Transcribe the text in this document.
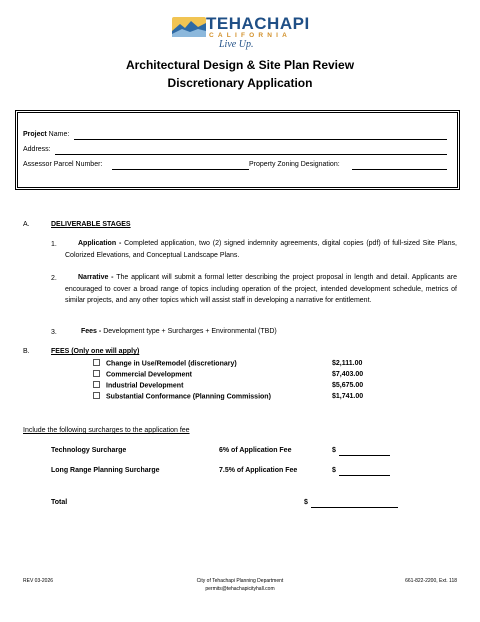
TEHACHAPI
CALIFORNIA
Live Up.
Architectural Design & Site Plan Review
Discretionary Application
Project Name:
Address:
Assessor Parcel Number:	Property Zoning Designation:
A.	DELIVERABLE STAGES
1.	Application - Completed application, two (2) signed indemnity agreements, digital copies (pdf) of full-sized Site Plans, Colorized Elevations, and Conceptual Landscape Plans.
2.	Narrative - The applicant will submit a formal letter describing the project proposal in length and detail. Applicants are encouraged to cover a broad range of topics including operation of the project, intended development schedule, metrics of similar projects, and any other topics which will assist staff in developing a narrative for entitlement.
3.	Fees - Development type + Surcharges + Environmental (TBD)
B.	FEES (Only one will apply)
Change in Use/Remodel (discretionary)	$2,111.00
Commercial Development	$7,403.00
Industrial Development	$5,675.00
Substantial Conformance (Planning Commission)	$1,741.00
Include the following surcharges to the application fee
Technology Surcharge	6% of Application Fee	$
Long Range Planning Surcharge	7.5% of Application Fee	$
Total	$
REV 03-2026	City of Tehachapi Planning Department
permits@tehachapicityhall.com
661-822-2200, Ext. 118
